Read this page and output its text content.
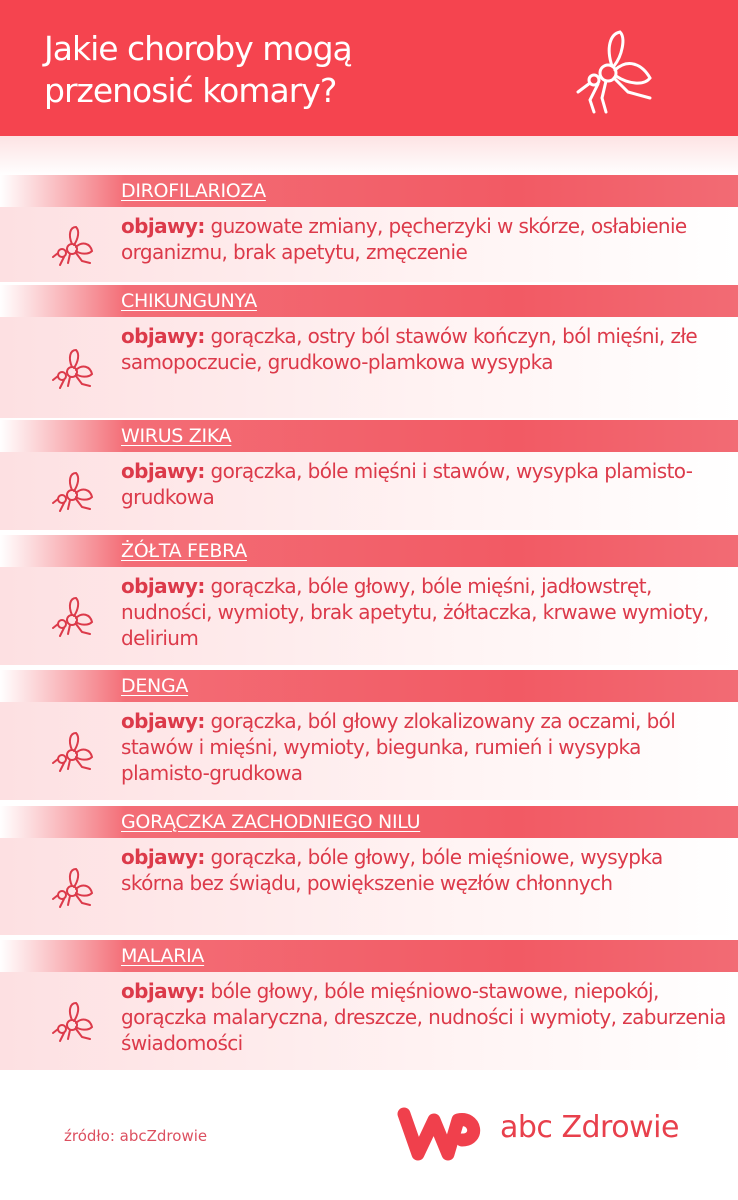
Jakie choroby mogą
przenosić komary?
DIROFILARIOZA
objawy: guzowate zmiany, pęcherzyki w skórze, osłabienie organizmu, brak apetytu, zmęczenie
CHIKUNGUNYA
objawy: gorączka, ostry ból stawów kończyn, ból mięśni, złe samopoczucie, grudkowo-plamkowa wysypka
WIRUS ZIKA
objawy: gorączka, bóle mięśni i stawów, wysypka plamisto-grudkowa
ŻÓŁTA FEBRA
objawy: gorączka, bóle głowy, bóle mięśni, jadłowstręt, nudności, wymioty, brak apetytu, żółtaczka, krwawe wymioty, delirium
DENGA
objawy: gorączka, ból głowy zlokalizowany za oczami, ból stawów i mięśni, wymioty, biegunka, rumień i wysypka plamisto-grudkowa
GORĄCZKA ZACHODNIEGO NILU
objawy: gorączka, bóle głowy, bóle mięśniowe, wysypka skórna bez świądu, powiększenie węzłów chłonnych
MALARIA
objawy: bóle głowy, bóle mięśniowo-stawowe, niepokój, gorączka malaryczna, dreszcze, nudności i wymioty, zaburzenia świadomości
źródło: abcZdrowie	abc Zdrowie
